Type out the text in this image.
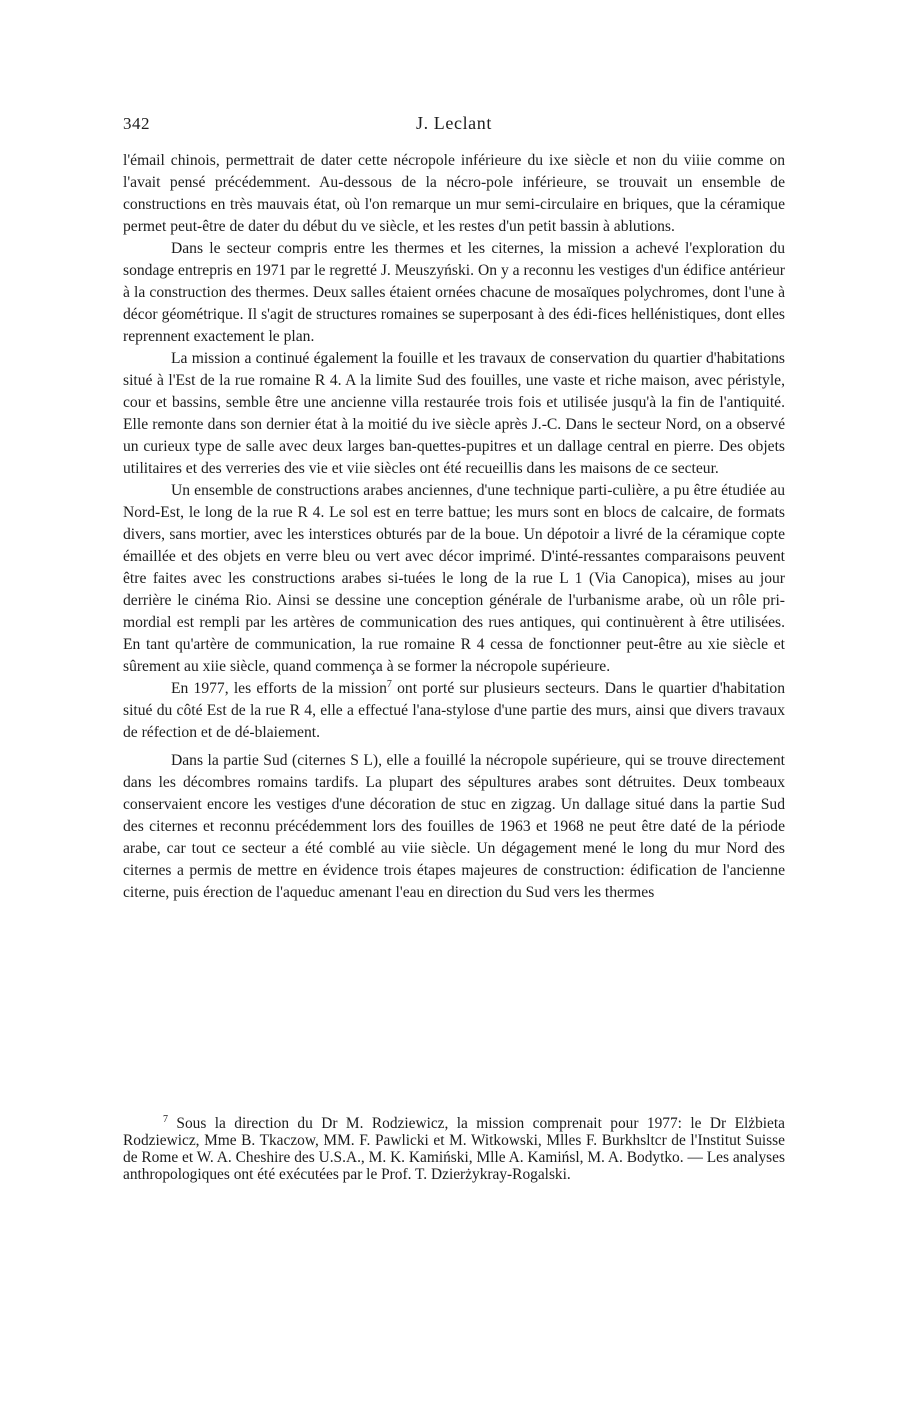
342	J. Leclant

l'émail chinois, permettrait de dater cette nécropole inférieure du ixe siècle et non du viiie comme on l'avait pensé précédemment. Au-dessous de la nécro-pole inférieure, se trouvait un ensemble de constructions en très mauvais état, où l'on remarque un mur semi-circulaire en briques, que la céramique permet peut-être de dater du début du ve siècle, et les restes d'un petit bassin à ablutions.

Dans le secteur compris entre les thermes et les citernes, la mission a achevé l'exploration du sondage entrepris en 1971 par le regretté J. Meuszyński. On y a reconnu les vestiges d'un édifice antérieur à la construction des thermes. Deux salles étaient ornées chacune de mosaïques polychromes, dont l'une à décor géométrique. Il s'agit de structures romaines se superposant à des édi-fices hellénistiques, dont elles reprennent exactement le plan.

La mission a continué également la fouille et les travaux de conservation du quartier d'habitations situé à l'Est de la rue romaine R 4. A la limite Sud des fouilles, une vaste et riche maison, avec péristyle, cour et bassins, semble être une ancienne villa restaurée trois fois et utilisée jusqu'à la fin de l'antiquité. Elle remonte dans son dernier état à la moitié du ive siècle après J.-C. Dans le secteur Nord, on a observé un curieux type de salle avec deux larges ban-quettes-pupitres et un dallage central en pierre. Des objets utilitaires et des verreries des vie et viie siècles ont été recueillis dans les maisons de ce secteur.

Un ensemble de constructions arabes anciennes, d'une technique parti-culière, a pu être étudiée au Nord-Est, le long de la rue R 4. Le sol est en terre battue; les murs sont en blocs de calcaire, de formats divers, sans mortier, avec les interstices obturés par de la boue. Un dépotoir a livré de la céramique copte émaillée et des objets en verre bleu ou vert avec décor imprimé. D'inté-ressantes comparaisons peuvent être faites avec les constructions arabes si-tuées le long de la rue L 1 (Via Canopica), mises au jour derrière le cinéma Rio. Ainsi se dessine une conception générale de l'urbanisme arabe, où un rôle pri-mordial est rempli par les artères de communication des rues antiques, qui continuèrent à être utilisées. En tant qu'artère de communication, la rue romaine R 4 cessa de fonctionner peut-être au xie siècle et sûrement au xiie siècle, quand commença à se former la nécropole supérieure.

En 1977, les efforts de la mission$^7$ ont porté sur plusieurs secteurs. Dans le quartier d'habitation situé du côté Est de la rue R 4, elle a effectué l'ana-stylose d'une partie des murs, ainsi que divers travaux de réfection et de dé-blaiement.

Dans la partie Sud (citernes S L), elle a fouillé la nécropole supérieure, qui se trouve directement dans les décombres romains tardifs. La plupart des sépultures arabes sont détruites. Deux tombeaux conservaient encore les vestiges d'une décoration de stuc en zigzag. Un dallage situé dans la partie Sud des citernes et reconnu précédemment lors des fouilles de 1963 et 1968 ne peut être daté de la période arabe, car tout ce secteur a été comblé au viie siècle. Un dégagement mené le long du mur Nord des citernes a permis de mettre en évidence trois étapes majeures de construction: édification de l'ancienne citerne, puis érection de l'aqueduc amenant l'eau en direction du Sud vers les thermes

$^7$ Sous la direction du Dr M. Rodziewicz, la mission comprenait pour 1977: le Dr Elżbieta Rodziewicz, Mme B. Tkaczow, MM. F. Pawlicki et M. Witkowski, Mlles F. Burkhsltcr de l'Institut Suisse de Rome et W. A. Cheshire des U.S.A., M. K. Kamiński, Mlle A. Kamińsl, M. A. Bodytko. — Les analyses anthropologiques ont été exécutées par le Prof. T. Dzierżykray-Rogalski.
